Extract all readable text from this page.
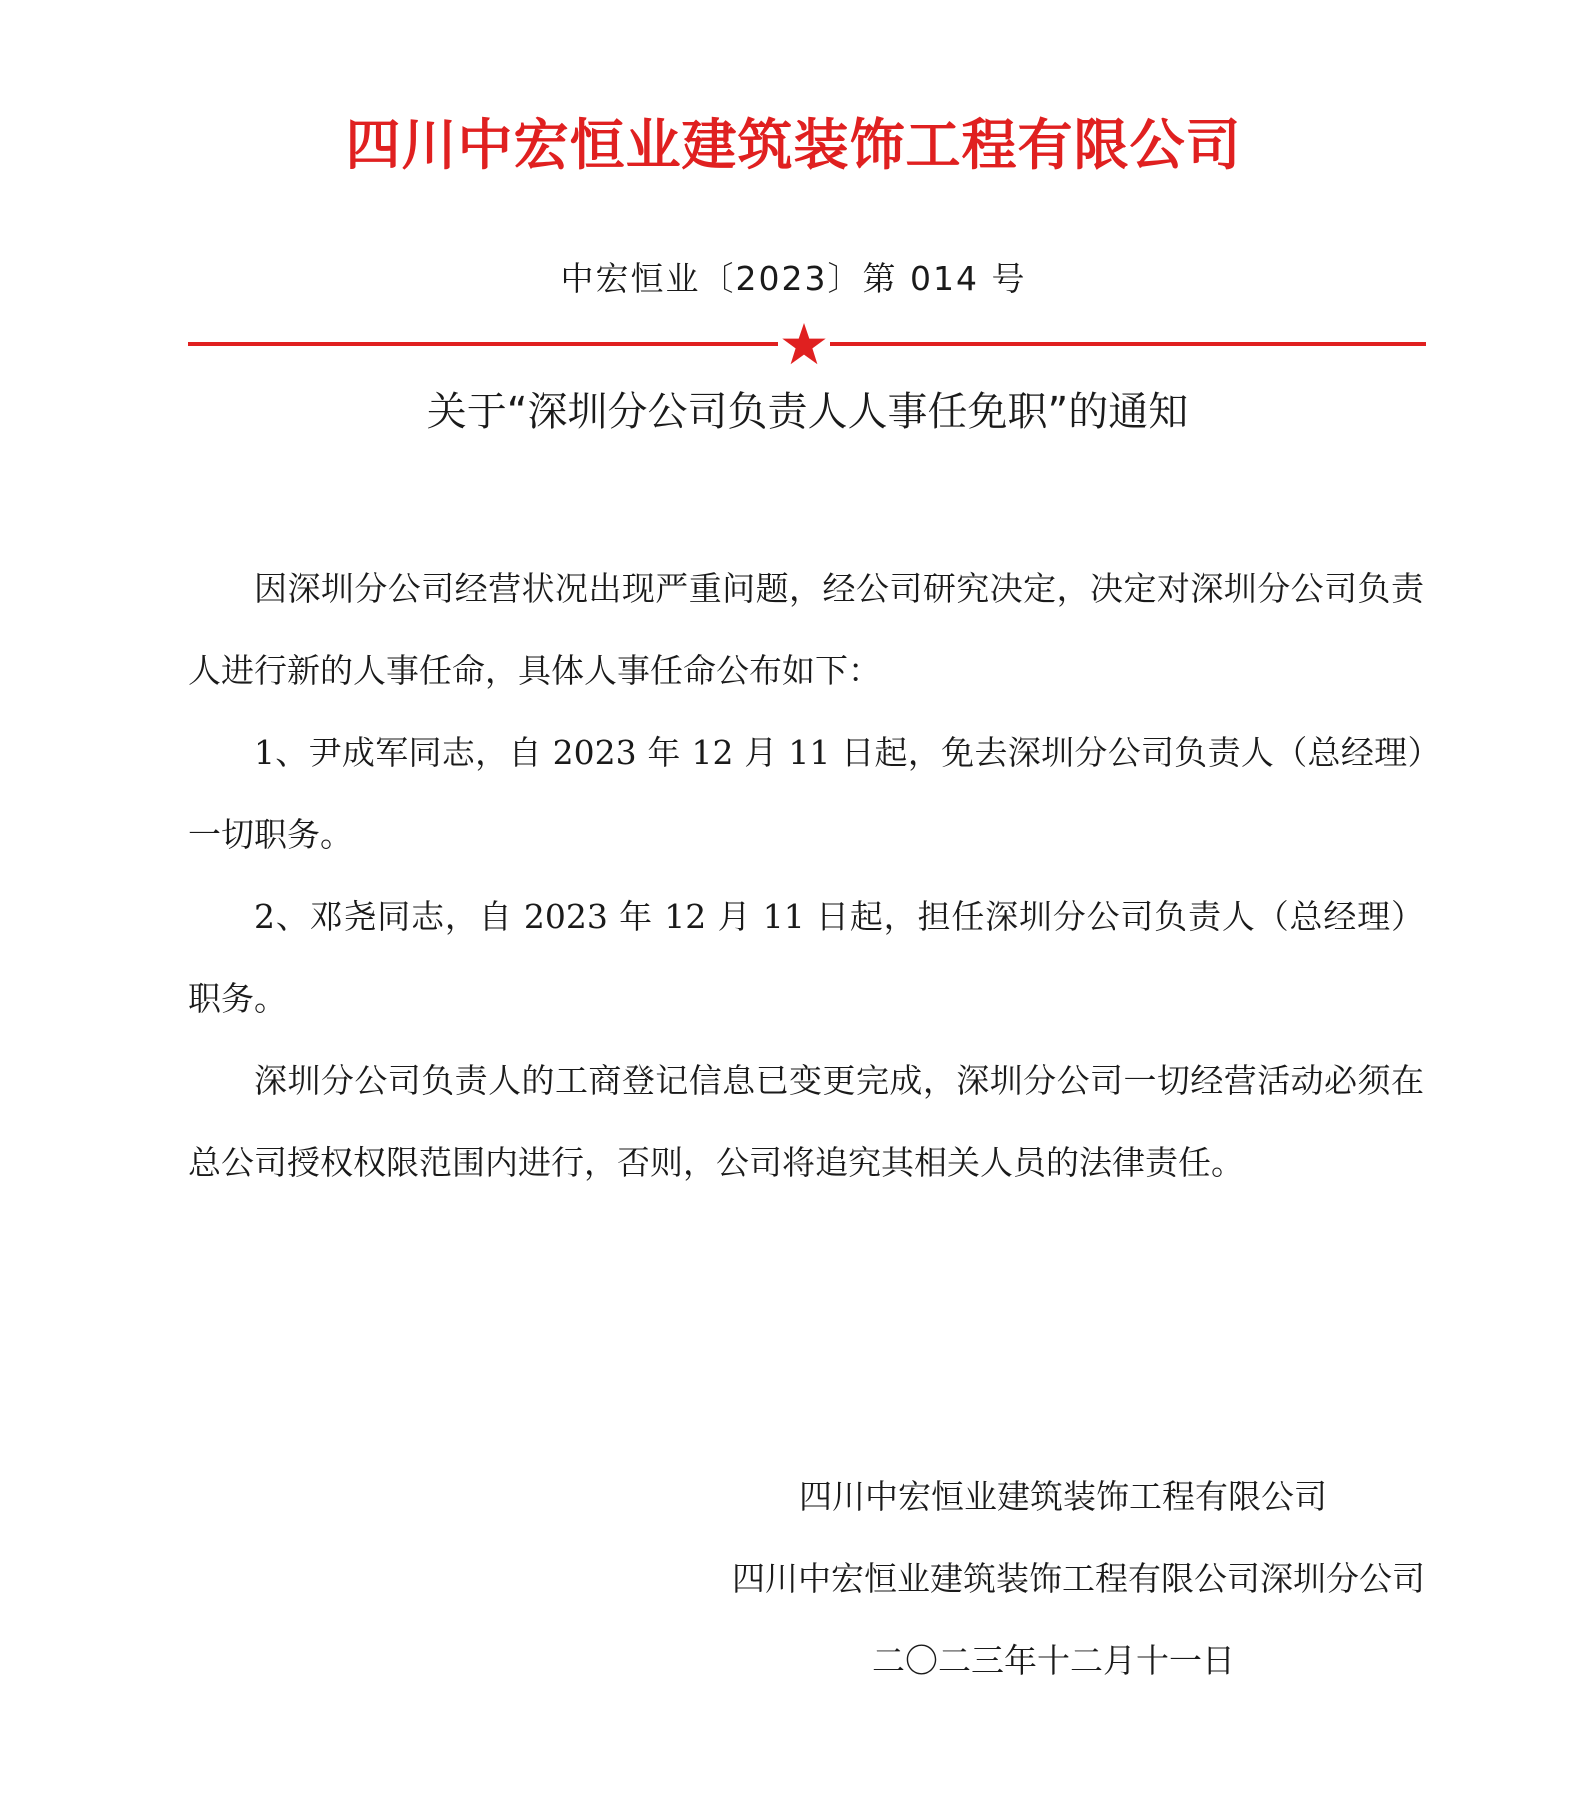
四川中宏恒业建筑装饰工程有限公司
中宏恒业〔2023〕第 014 号
关于“深圳分公司负责人人事任免职”的通知

因深圳分公司经营状况出现严重问题，经公司研究决定，决定对深圳分公司负责人进行新的人事任命，具体人事任命公布如下：

1、尹成军同志，自 2023 年 12 月 11 日起，免去深圳分公司负责人（总经理）一切职务。

2、邓尧同志，自 2023 年 12 月 11 日起，担任深圳分公司负责人（总经理）职务。

深圳分公司负责人的工商登记信息已变更完成，深圳分公司一切经营活动必须在总公司授权权限范围内进行，否则，公司将追究其相关人员的法律责任。

四川中宏恒业建筑装饰工程有限公司
四川中宏恒业建筑装饰工程有限公司深圳分公司
二〇二三年十二月十一日
